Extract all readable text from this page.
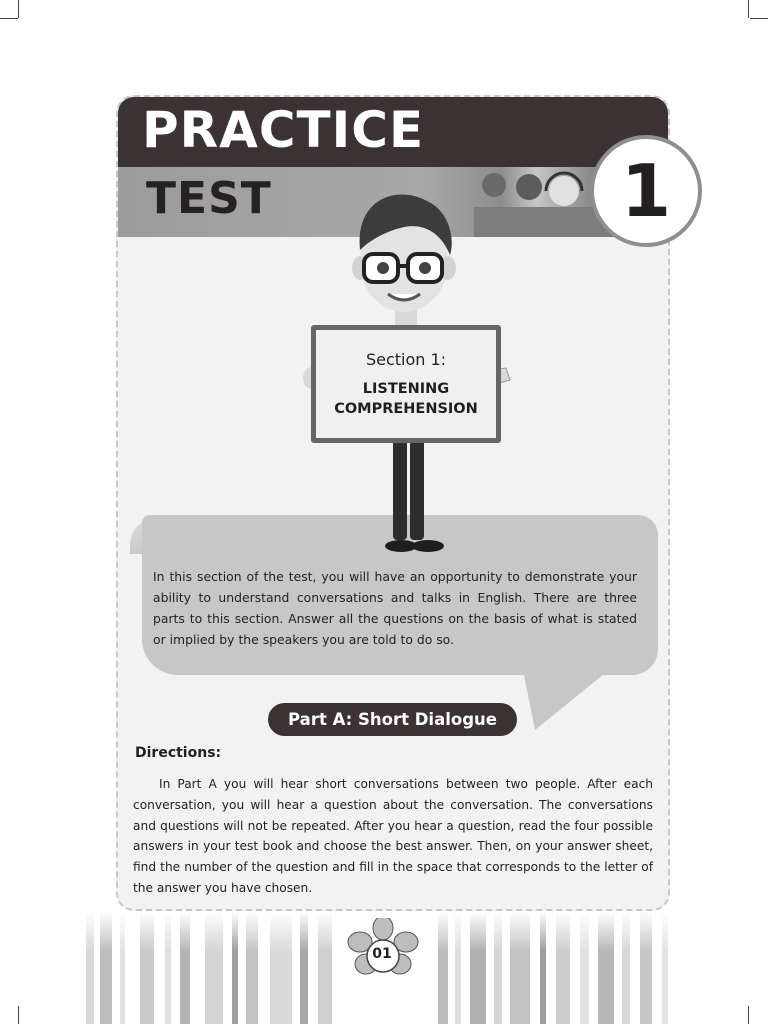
PRACTICE
TEST	1
Section 1:
LISTENING
COMPREHENSION
In this section of the test, you will have an opportunity to demonstrate your ability to understand conversations and talks in English. There are three parts to this section. Answer all the questions on the basis of what is stated or implied by the speakers you are told to do so.
Part A: Short Dialogue
Directions:
In Part A you will hear short conversations between two people. After each conversation, you will hear a question about the conversation. The conversations and questions will not be repeated. After you hear a question, read the four possible answers in your test book and choose the best answer. Then, on your answer sheet, find the number of the question and fill in the space that corresponds to the letter of the answer you have chosen.
01
